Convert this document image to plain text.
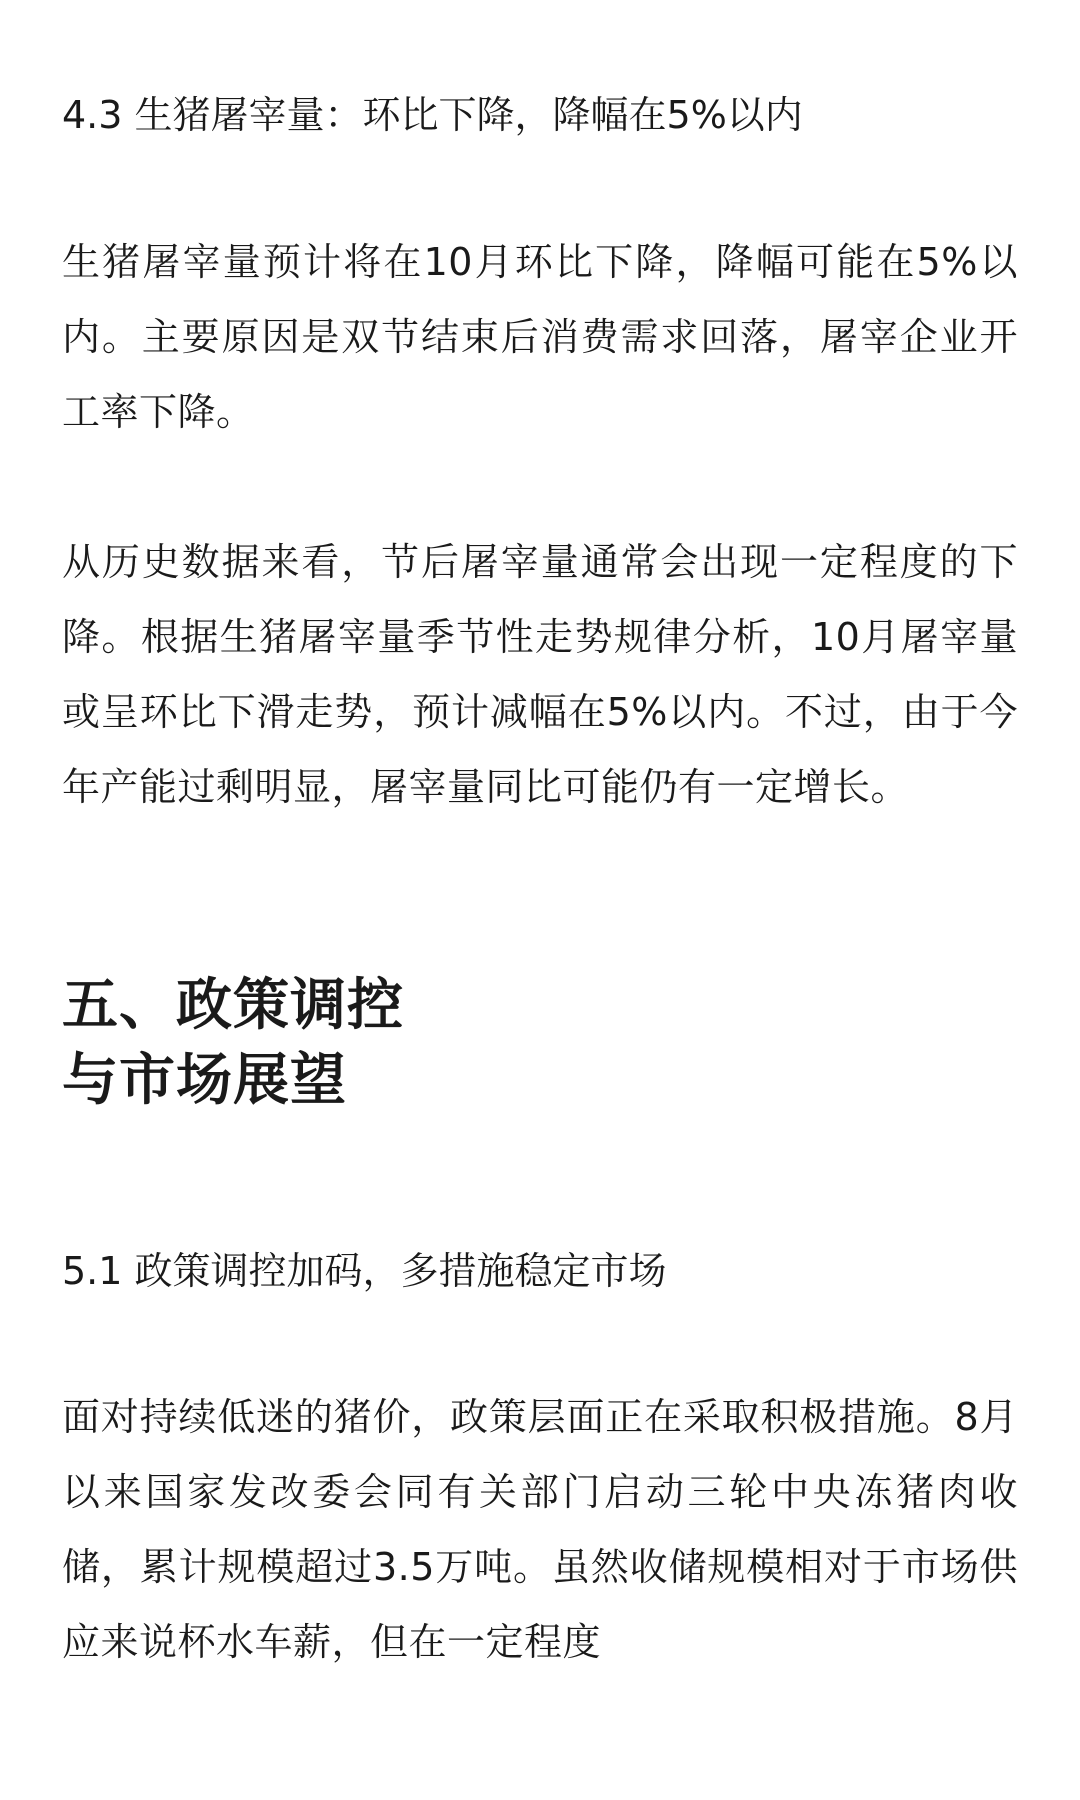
4.3 生猪屠宰量：环比下降，降幅在5%以内
生猪屠宰量预计将在10月环比下降，降幅可能在5%以内。主要原因是双节结束后消费需求回落，屠宰企业开工率下降。
从历史数据来看，节后屠宰量通常会出现一定程度的下降。根据生猪屠宰量季节性走势规律分析，10月屠宰量或呈环比下滑走势，预计减幅在5%以内。不过，由于今年产能过剩明显，屠宰量同比可能仍有一定增长。
五、政策调控
与市场展望
5.1 政策调控加码，多措施稳定市场
面对持续低迷的猪价，政策层面正在采取积极措施。8月以来国家发改委会同有关部门启动三轮中央冻猪肉收储，累计规模超过3.5万吨。虽然收储规模相对于市场供应来说杯水车薪，但在一定程度
